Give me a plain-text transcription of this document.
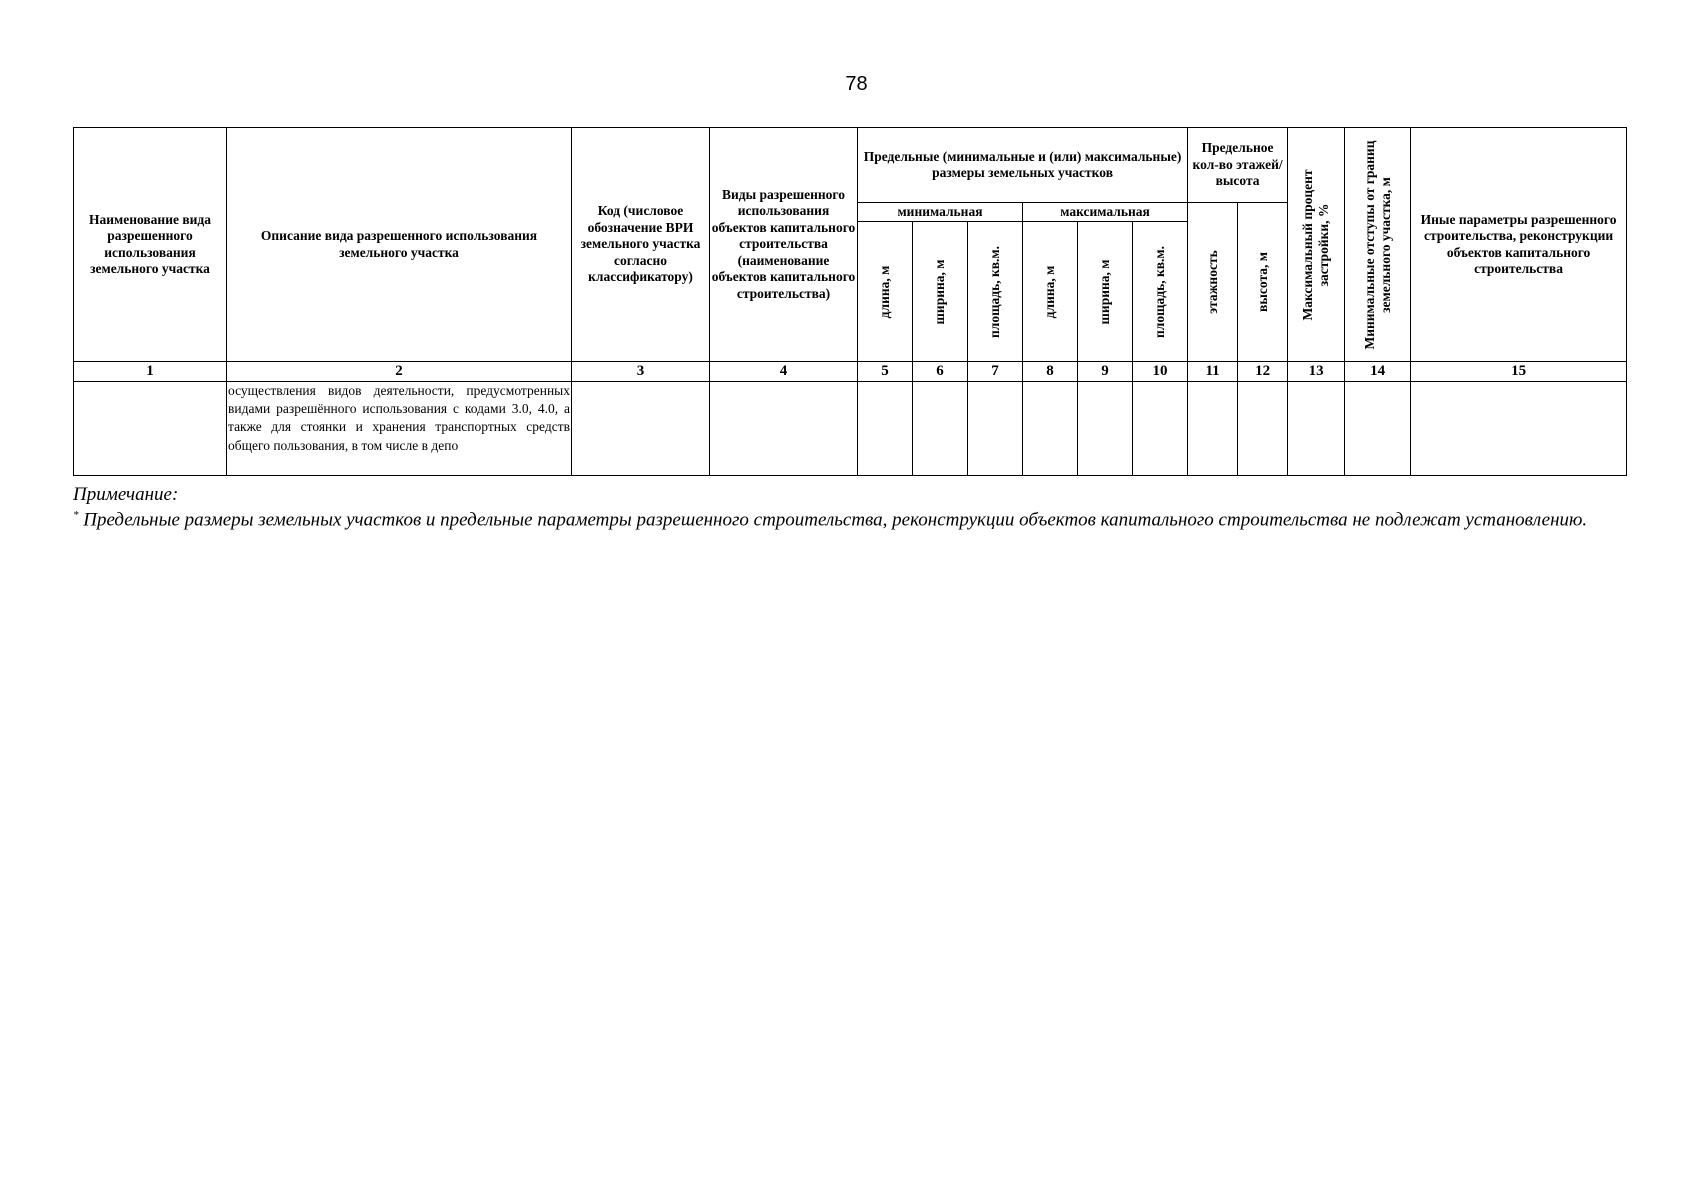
78
Наименование вида разрешенного использования земельного участка	Описание вида разрешенного использования земельного участка	Код (числовое обозначение ВРИ земельного участка согласно классификатору)	Виды разрешенного использования объектов капитального строительства (наименование объектов капитального строительства)	Предельные (минимальные и (или) максимальные) размеры земельных участков						Предельное кол-во этажей/ высота		Максимальный процент застройки, %	Минимальные отступы от границ земельного участка, м	Иные параметры разрешенного строительства, реконструкции объектов капитального строительства
				минимальная			максимальная			этажность	высота, м			

				длина, м	ширина, м	площадь, кв.м.	длина, м	ширина, м	площадь, кв.м.					

1	2	3	4	5	6	7	8	9	10	11	12	13	14	15

	осуществления видов деятельности, предусмотренных видами разрешённого использования с кодами 3.0, 4.0, а также для стоянки и хранения транспортных средств общего пользования, в том числе в депо													

Примечание:
* Предельные размеры земельных участков и предельные параметры разрешенного строительства, реконструкции объектов капитального строительства не подлежат установлению.
